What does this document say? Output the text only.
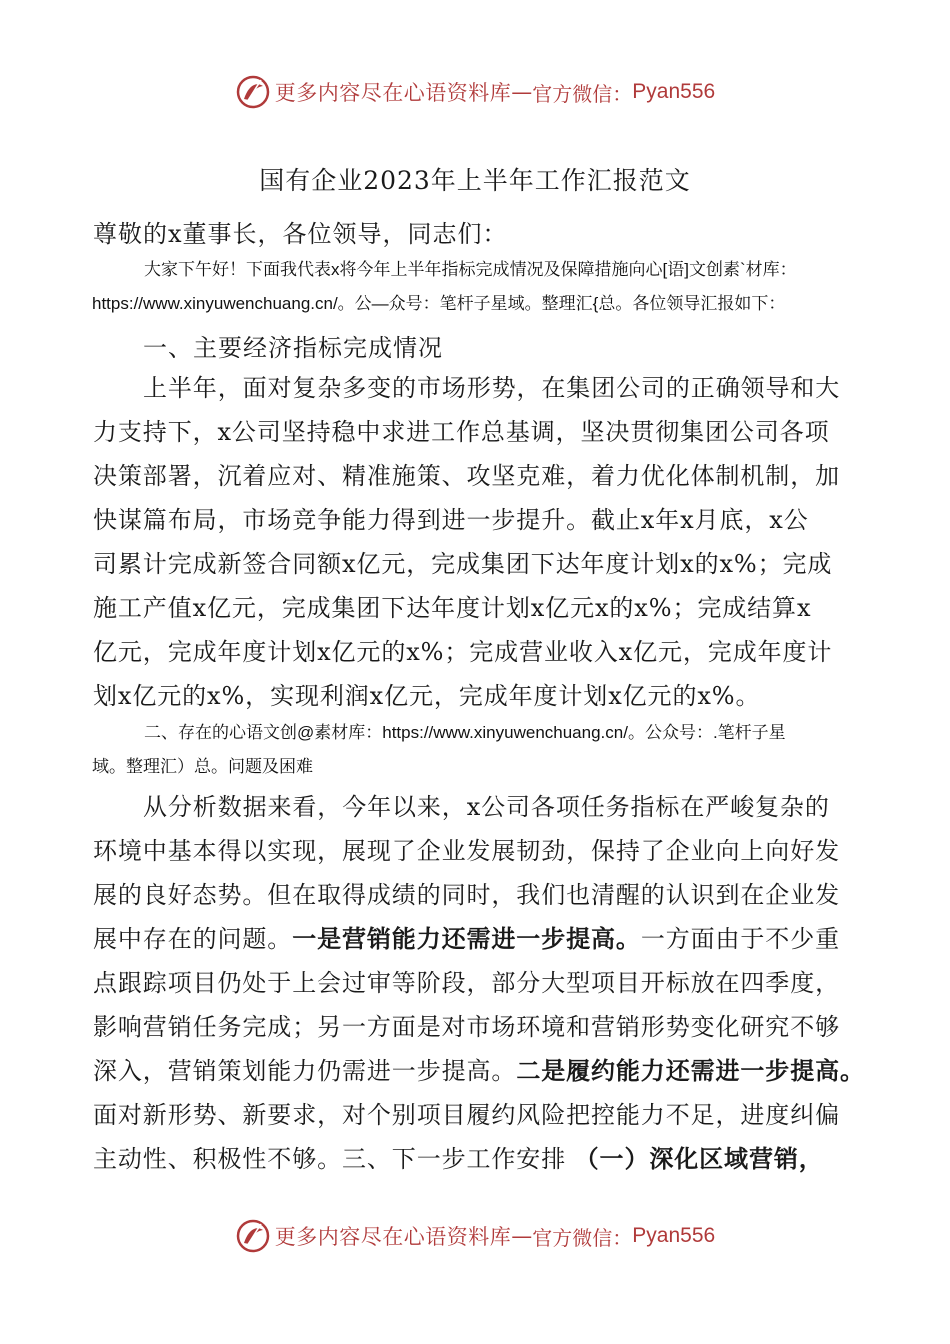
更多内容尽在心语资料库 — 官方微信： Pyan556
国有企业2023年上半年工作汇报范文
尊敬的x董事长，各位领导，同志们：
大家下午好！下面我代表x将今年上半年指标完成情况及保障措施向心[语]文创素`材库：
https://www.xinyuwenchuang.cn/。公—众号：笔杆子星域。整理汇{总。各位领导汇报如下：
一、主要经济指标完成情况
上半年，面对复杂多变的市场形势，在集团公司的正确领导和大
力支持下，x公司坚持稳中求进工作总基调，坚决贯彻集团公司各项
决策部署，沉着应对、精准施策、攻坚克难，着力优化体制机制，加
快谋篇布局，市场竞争能力得到进一步提升。截止x年x月底，x公
司累计完成新签合同额x亿元，完成集团下达年度计划x的x%；完成
施工产值x亿元，完成集团下达年度计划x亿元x的x%；完成结算x
亿元，完成年度计划x亿元的x%；完成营业收入x亿元，完成年度计
划x亿元的x%，实现利润x亿元，完成年度计划x亿元的x%。
二、存在的心语文创@素材库：https://www.xinyuwenchuang.cn/。公众号：.笔杆子星
域。整理汇）总。问题及困难
从分析数据来看，今年以来，x公司各项任务指标在严峻复杂的
环境中基本得以实现，展现了企业发展韧劲，保持了企业向上向好发
展的良好态势。但在取得成绩的同时，我们也清醒的认识到在企业发
展中存在的问题。一是营销能力还需进一步提高。一方面由于不少重
点跟踪项目仍处于上会过审等阶段，部分大型项目开标放在四季度，
影响营销任务完成；另一方面是对市场环境和营销形势变化研究不够
深入，营销策划能力仍需进一步提高。二是履约能力还需进一步提高。
面对新形势、新要求，对个别项目履约风险把控能力不足，进度纠偏
主动性、积极性不够。三、下一步工作安排 （一）深化区域营销，
更多内容尽在心语资料库 — 官方微信： Pyan556
